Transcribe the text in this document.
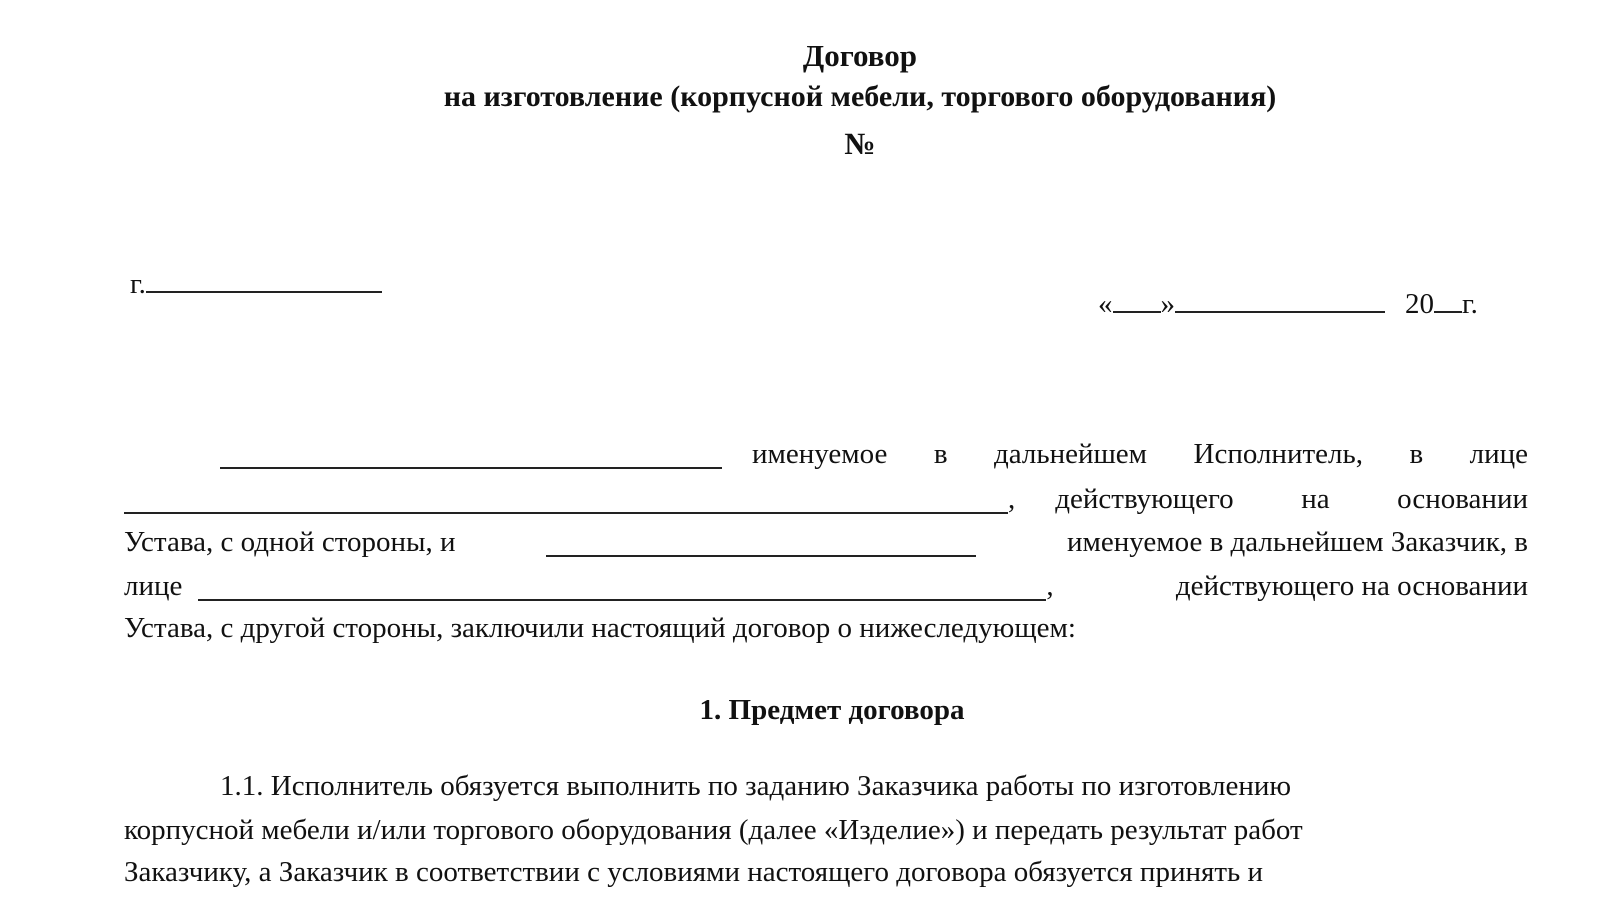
Договор
на изготовление (корпусной мебели, торгового оборудования)
№
г.
« »	20 г.
именуемое в дальнейшем Исполнитель, в лице
, действующего на основании
Устава, с одной стороны, и	именуемое в дальнейшем Заказчик, в
лице	,	действующего на основании
Устава, с другой стороны, заключили настоящий договор о нижеследующем:
1. Предмет договора
1.1. Исполнитель обязуется выполнить по заданию Заказчика работы по изготовлению
корпусной мебели и/или торгового оборудования (далее «Изделие») и передать результат работ
Заказчику, а Заказчик в соответствии с условиями настоящего договора обязуется принять и
